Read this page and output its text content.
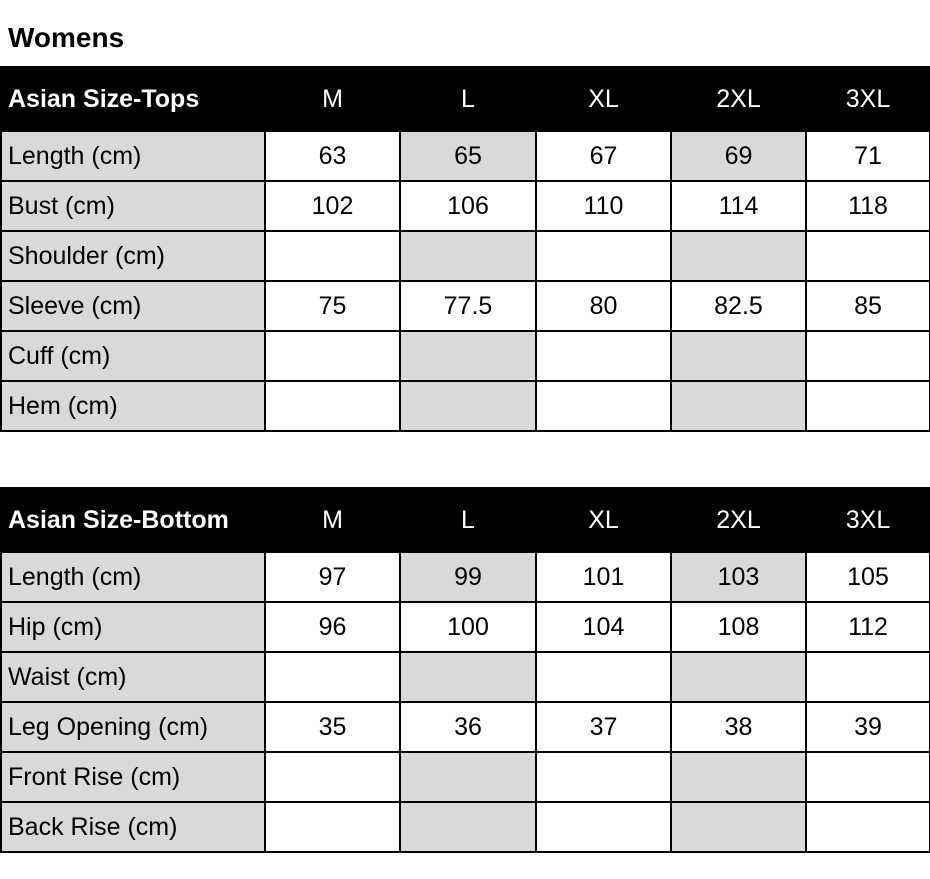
Womens
Asian Size-Tops	M	L	XL	2XL	3XL
Length (cm)	63	65	67	69	71
Bust (cm)	102	106	110	114	118
Shoulder (cm)					
Sleeve (cm)	75	77.5	80	82.5	85
Cuff (cm)					
Hem (cm)					
Asian Size-Bottom	M	L	XL	2XL	3XL
Length (cm)	97	99	101	103	105
Hip (cm)	96	100	104	108	112
Waist (cm)					
Leg Opening (cm)	35	36	37	38	39
Front Rise (cm)					
Back Rise (cm)					
